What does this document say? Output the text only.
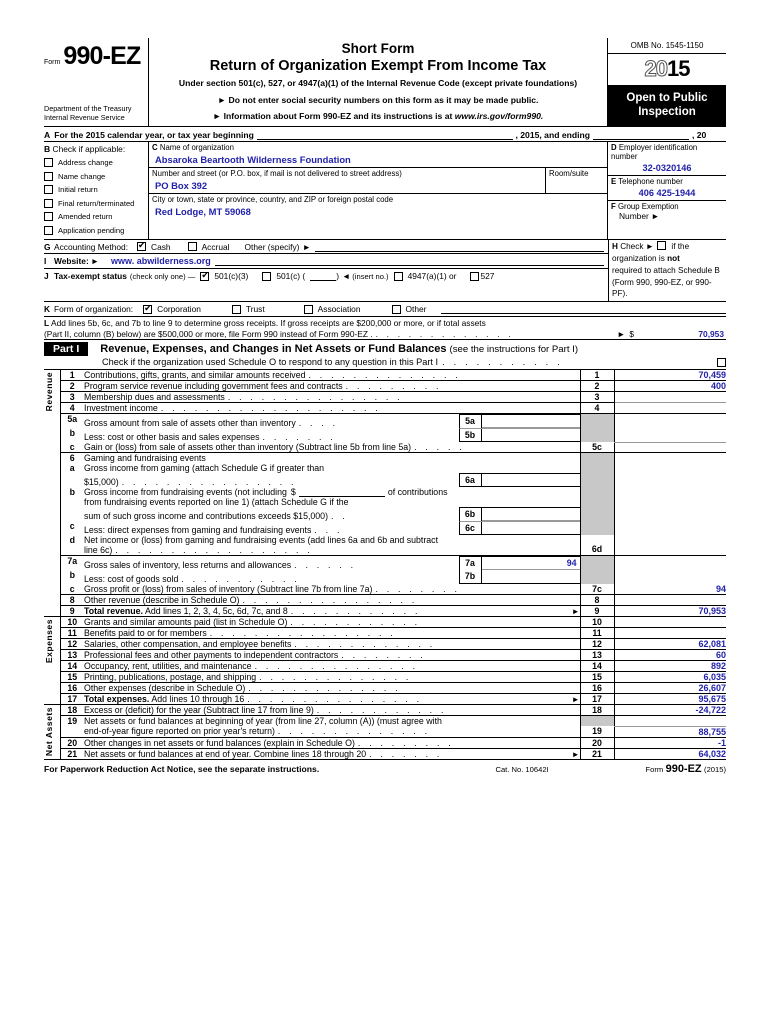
Form 990-EZ
Department of the Treasury
Internal Revenue Service
Short Form
Return of Organization Exempt From Income Tax
Under section 501(c), 527, or 4947(a)(1) of the Internal Revenue Code (except private foundations)
► Do not enter social security numbers on this form as it may be made public.
► Information about Form 990-EZ and its instructions is at www.irs.gov/form990.
OMB No. 1545-1150
2015
Open to Public
Inspection
A For the 2015 calendar year, or tax year beginning	, 2015, and ending	, 20
B Check if applicable:
Address change
Name change
Initial return
Final return/terminated
Amended return
Application pending
C Name of organization
Absaroka Beartooth Wilderness Foundation
Number and street (or P.O. box, if mail is not delivered to street address)
PO Box 392
Room/suite
City or town, state or province, country, and ZIP or foreign postal code
Red Lodge, MT 59068
D Employer identification number
32-0320146
E Telephone number
406 425-1944
F Group Exemption
Number ►
G Accounting Method: ✔	Cash	Accrual Other (specify) ►
I Website: ► www. abwilderness.org
J Tax-exempt status (check only one) — ✔ 501(c)(3)	501(c) (	) ◄ (insert no.) 4947(a)(1) or	527
H Check ► if the organization is not
required to attach Schedule B
(Form 990, 990-EZ, or 990-PF).
K Form of organization: ✔	Corporation	Trust	Association	Other
L Add lines 5b, 6c, and 7b to line 9 to determine gross receipts. If gross receipts are $200,000 or more, or if total assets
(Part II, column (B) below) are $500,000 or more, file Form 990 instead of Form 990-EZ . . . . . . . . . . . . . .	► $	70,953
Part I	Revenue, Expenses, and Changes in Net Assets or Fund Balances (see the instructions for Part I)
Check if the organization used Schedule O to respond to any question in this Part I . . . . . . . . . . .
Revenue	1	Contributions, gifts, grants, and similar amounts received . . . . . . . . . . . . . .	1	70,459
	2	Program service revenue including government fees and contracts . . . . . . . . .	2	400
	3	Membership dues and assessments . . . . . . . . . . . . . . . .	3	
	4	Investment income . . . . . . . . . . . . . . . . . . . .	4	
	5a	Gross amount from sale of assets other than inventory . . . . 5a		

	b	Less: cost or other basis and sales expenses . . . . . . . 5b		

	c	Gain or (loss) from sale of assets other than inventory (Subtract line 5b from line 5a) . . . . .	5c	
	6	Gaming and fundraising events		
	a	Gross income from gaming (attach Schedule G if greater than
$15,000) . . . . . . . . . . . . . . . . 6a		

b	Gross income from fundraising events (not including $	of contributions
from fundraising events reported on line 1) (attach Schedule G if the
sum of such gross income and contributions exceeds $15,000) . .	6b

	c	Less: direct expenses from gaming and fundraising events . . . 6c		

	d	Net income or (loss) from gaming and fundraising events (add lines 6a and 6b and subtract
line 6c) . . . . . . . . . . . . . . . . . .	6d	
	7a	Gross sales of inventory, less returns and allowances . . . . . . 7a 94		

	b	Less: cost of goods sold . . . . . . . . . . . 7b		

	c	Gross profit or (loss) from sales of inventory (Subtract line 7b from line 7a) . . . . . . . .	7c	94
	8	Other revenue (describe in Schedule O) . . . . . . . . . . . . . . . .	8	
	9	Total revenue. Add lines 1, 2, 3, 4, 5c, 6d, 7c, and 8 . . . . . . . . . . . . ►	9	70,953

Expenses	10	Grants and similar amounts paid (list in Schedule O) . . . . . . . . . . . .	10	
	11	Benefits paid to or for members . . . . . . . . . . . . . . . . .	11	
	12	Salaries, other compensation, and employee benefits . . . . . . . . . . . . .	12	62,081
	13	Professional fees and other payments to independent contractors . . . . . . . .	13	60
	14	Occupancy, rent, utilities, and maintenance . . . . . . . . . . . . . . .	14	892
	15	Printing, publications, postage, and shipping . . . . . . . . . . . . . .	15	6,035
	16	Other expenses (describe in Schedule O) . . . . . . . . . . . . . .	16	26,607
	17	Total expenses. Add lines 10 through 16 . . . . . . . . . . . . . . . . ►	17	95,675

Net Assets	18	Excess or (deficit) for the year (Subtract line 17 from line 9) . . . . . . . . . . . .	18	-24,722
	19	Net assets or fund balances at beginning of year (from line 27, column (A)) (must agree with		

		end-of-year figure reported on prior year's return) . . . . . . . . . . . . . .	19	88,755
	20	Other changes in net assets or fund balances (explain in Schedule O) . . . . . . . . .	20	-1
	21	Net assets or fund balances at end of year. Combine lines 18 through 20 . . . . . . . ►	21	64,032
For Paperwork Reduction Act Notice, see the separate instructions.	Cat. No. 10642I	Form 990-EZ (2015)
